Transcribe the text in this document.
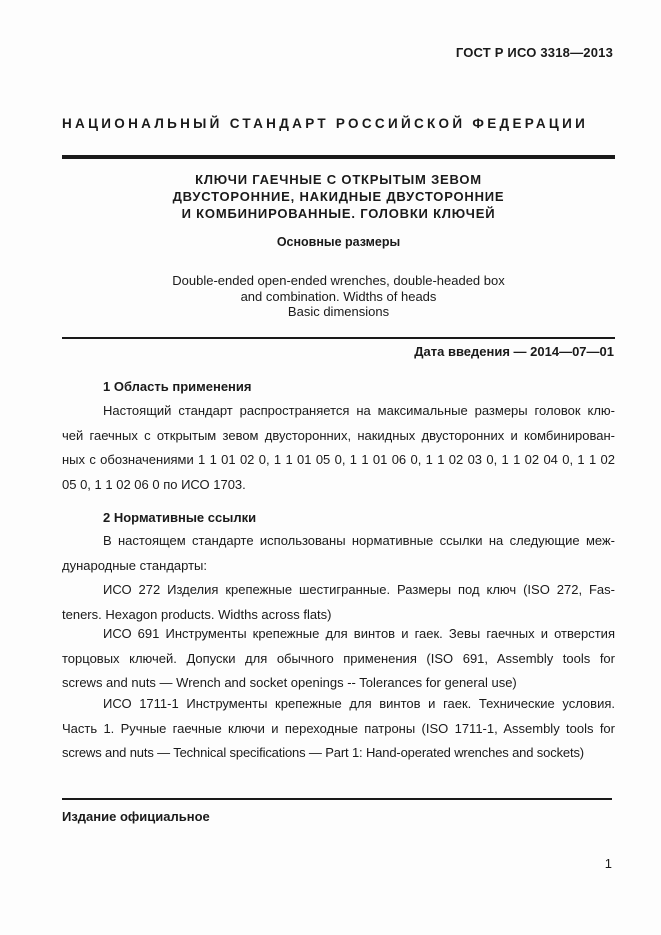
ГОСТ Р ИСО 3318—2013
НАЦИОНАЛЬНЫЙ СТАНДАРТ РОССИЙСКОЙ ФЕДЕРАЦИИ
КЛЮЧИ ГАЕЧНЫЕ С ОТКРЫТЫМ ЗЕВОМ
ДВУСТОРОННИЕ, НАКИДНЫЕ ДВУСТОРОННИЕ
И КОМБИНИРОВАННЫЕ. ГОЛОВКИ КЛЮЧЕЙ
Основные размеры
Double-ended open-ended wrenches, double-headed box
and combination. Widths of heads
Basic dimensions
Дата введения — 2014—07—01
1 Область применения
Настоящий стандарт распространяется на максимальные размеры головок клю-
чей гаечных с открытым зевом двусторонних, накидных двусторонних и комбинирован-
ных с обозначениями 1 1 01 02 0, 1 1 01 05 0, 1 1 01 06 0, 1 1 02 03 0, 1 1 02 04 0, 1 1 02
05 0, 1 1 02 06 0 по ИСО 1703.
2 Нормативные ссылки
В настоящем стандарте использованы нормативные ссылки на следующие меж-
дународные стандарты:
ИСО 272 Изделия крепежные шестигранные. Размеры под ключ (ISO 272, Fas-
teners. Hexagon products. Widths across flats)
ИСО 691 Инструменты крепежные для винтов и гаек. Зевы гаечных и отверстия
торцовых ключей. Допуски для обычного применения (ISO 691, Assembly tools for
screws and nuts — Wrench and socket openings -- Tolerances for general use)
ИСО 1711-1 Инструменты крепежные для винтов и гаек. Технические условия.
Часть 1. Ручные гаечные ключи и переходные патроны (ISO 1711-1, Assembly tools for
screws and nuts — Technical specifications — Part 1: Hand-operated wrenches and sockets)
Издание официальное
1
